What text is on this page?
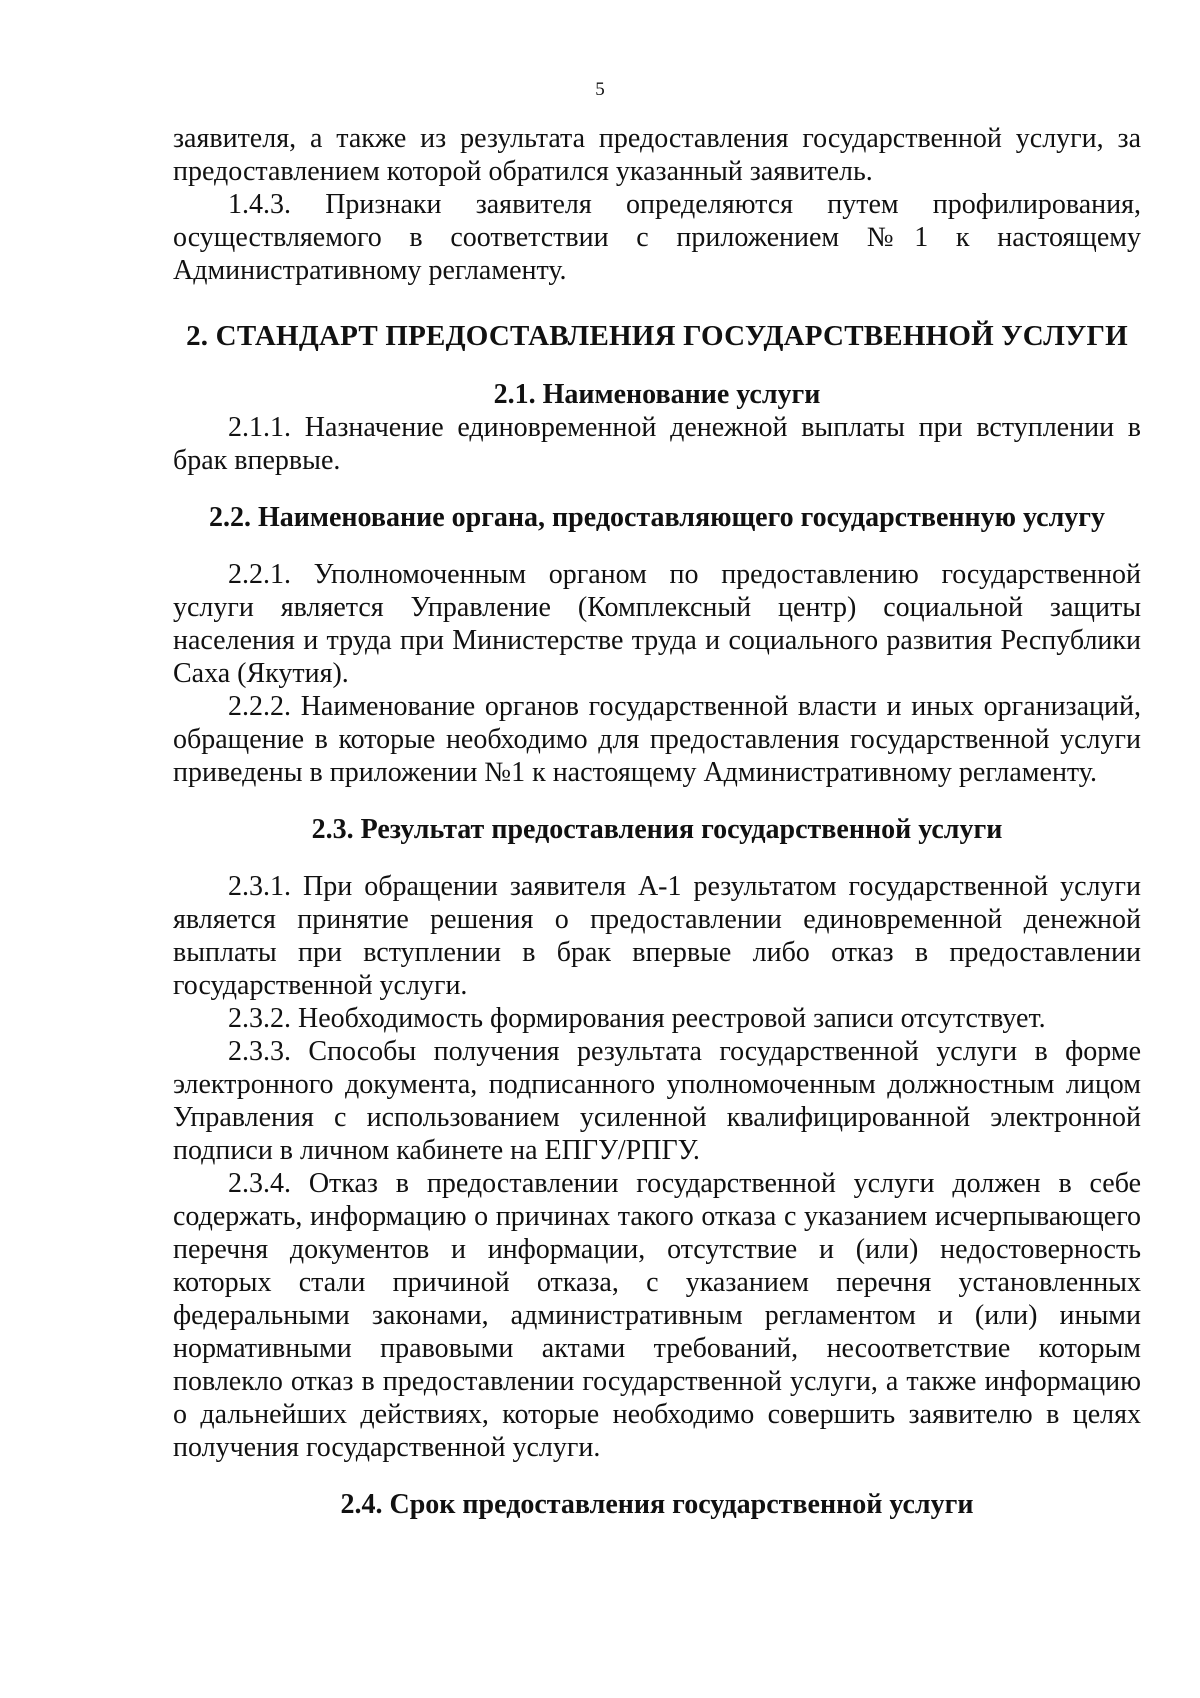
5

заявителя, а также из результата предоставления государственной услуги, за предоставлением которой обратился указанный заявитель.

1.4.3. Признаки заявителя определяются путем профилирования, осуществляемого в соответствии с приложением №1 к настоящему Административному регламенту.

2. СТАНДАРТ ПРЕДОСТАВЛЕНИЯ ГОСУДАРСТВЕННОЙ УСЛУГИ
2.1. Наименование услуги

2.1.1. Назначение единовременной денежной выплаты при вступлении в брак впервые.

2.2. Наименование органа, предоставляющего государственную услугу

2.2.1. Уполномоченным органом по предоставлению государственной услуги является Управление (Комплексный центр) социальной защиты населения и труда при Министерстве труда и социального развития Республики Саха (Якутия).

2.2.2. Наименование органов государственной власти и иных организаций, обращение в которые необходимо для предоставления государственной услуги приведены в приложении №1 к настоящему Административному регламенту.

2.3. Результат предоставления государственной услуги

2.3.1. При обращении заявителя А-1 результатом государственной услуги является принятие решения о предоставлении единовременной денежной выплаты при вступлении в брак впервые либо отказ в предоставлении государственной услуги.

2.3.2. Необходимость формирования реестровой записи отсутствует.

2.3.3. Способы получения результата государственной услуги в форме электронного документа, подписанного уполномоченным должностным лицом Управления с использованием усиленной квалифицированной электронной подписи в личном кабинете на ЕПГУ/РПГУ.

2.3.4. Отказ в предоставлении государственной услуги должен в себе содержать, информацию о причинах такого отказа с указанием исчерпывающего перечня документов и информации, отсутствие и (или) недостоверность которых стали причиной отказа, с указанием перечня установленных федеральными законами, административным регламентом и (или) иными нормативными правовыми актами требований, несоответствие которым повлекло отказ в предоставлении государственной услуги, а также информацию о дальнейших действиях, которые необходимо совершить заявителю в целях получения государственной услуги.

2.4. Срок предоставления государственной услуги
